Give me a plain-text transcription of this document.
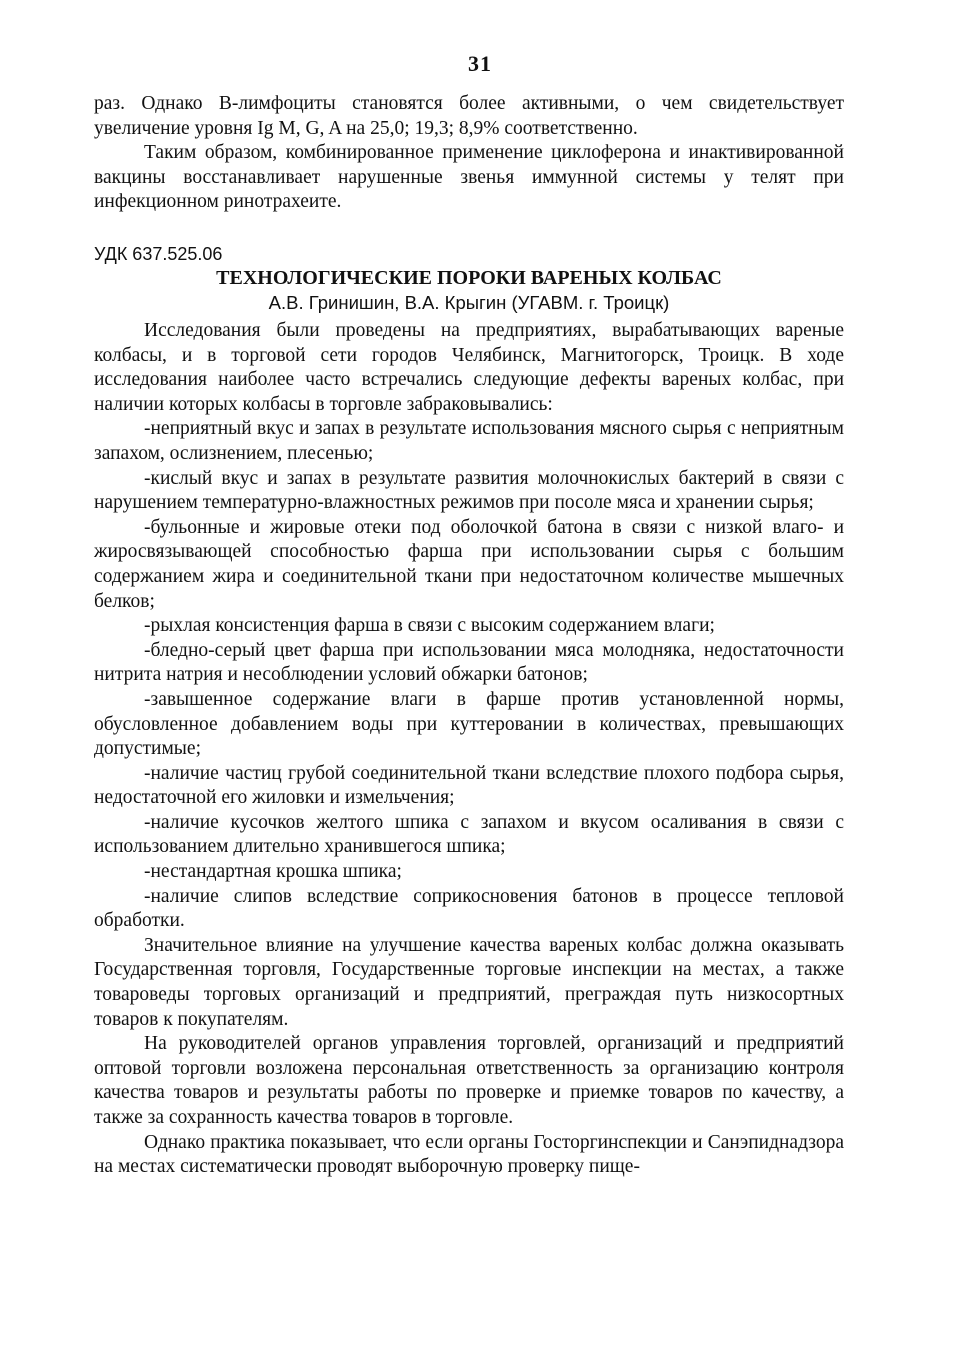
31

раз. Однако В-лимфоциты становятся более активными, о чем свидетельствует увеличение уровня Ig M, G, A на 25,0; 19,3; 8,9% соответственно.

Таким образом, комбинированное применение циклоферона и инактивированной вакцины восстанавливает нарушенные звенья иммунной системы у телят при инфекционном ринотрахеите.

УДК 637.525.06
ТЕХНОЛОГИЧЕСКИЕ ПОРОКИ ВАРЕНЫХ КОЛБАС
А.В. Гринишин, В.А. Крыгин (УГАВМ. г. Троицк)

Исследования были проведены на предприятиях, вырабатывающих вареные колбасы, и в торговой сети городов Челябинск, Магнитогорск, Троицк. В ходе исследования наиболее часто встречались следующие дефекты вареных колбас, при наличии которых колбасы в торговле забраковывались:

-неприятный вкус и запах в результате использования мясного сырья с неприятным запахом, ослизнением, плесенью;

-кислый вкус и запах в результате развития молочнокислых бактерий в связи с нарушением температурно-влажностных режимов при посоле мяса и хранении сырья;

-бульонные и жировые отеки под оболочкой батона в связи с низкой влаго- и жиросвязывающей способностью фарша при использовании сырья с большим содержанием жира и соединительной ткани при недостаточном количестве мышечных белков;

-рыхлая консистенция фарша в связи с высоким содержанием влаги;

-бледно-серый цвет фарша при использовании мяса молодняка, недостаточности нитрита натрия и несоблюдении условий обжарки батонов;

-завышенное содержание влаги в фарше против установленной нормы, обусловленное добавлением воды при куттеровании в количествах, превышающих допустимые;

-наличие частиц грубой соединительной ткани вследствие плохого подбора сырья, недостаточной его жиловки и измельчения;

-наличие кусочков желтого шпика с запахом и вкусом осаливания в связи с использованием длительно хранившегося шпика;

-нестандартная крошка шпика;

-наличие слипов вследствие соприкосновения батонов в процессе тепловой обработки.

Значительное влияние на улучшение качества вареных колбас должна оказывать Государственная торговля, Государственные торговые инспекции на местах, а также товароведы торговых организаций и предприятий, преграждая путь низкосортных товаров к покупателям.

На руководителей органов управления торговлей, организаций и предприятий оптовой торговли возложена персональная ответственность за организацию контроля качества товаров и результаты работы по проверке и приемке товаров по качеству, а также за сохранность качества товаров в торговле.

Однако практика показывает, что если органы Госторгинспекции и Санэпиднадзора на местах систематически проводят выборочную проверку пище-
